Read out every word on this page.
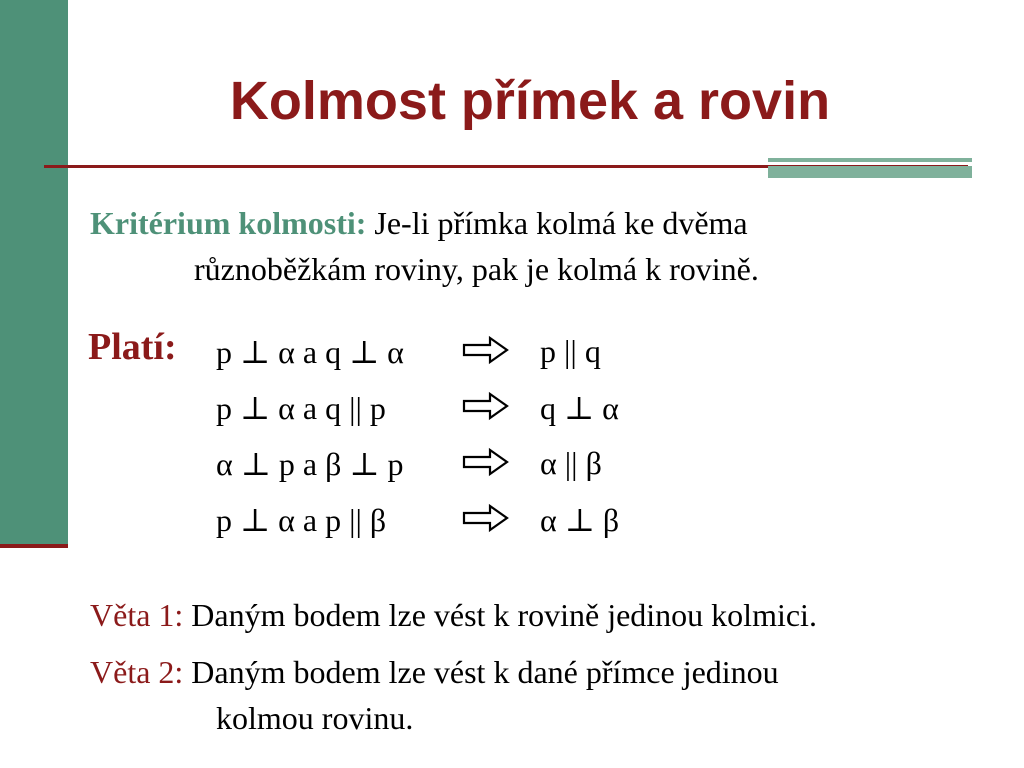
Kolmost přímek a rovin
Kritérium kolmosti: Je-li přímka kolmá ke dvěma
různoběžkám roviny, pak je kolmá k rovině.
Platí: p ⊥ α a q ⊥ α	p || q
p ⊥ α a q || p	q ⊥ α
α ⊥ p a β ⊥ p	α || β
p ⊥ α a p || β	α ⊥ β
Věta 1: Daným bodem lze vést k rovině jedinou kolmici.
Věta 2: Daným bodem lze vést k dané přímce jedinou
kolmou rovinu.
